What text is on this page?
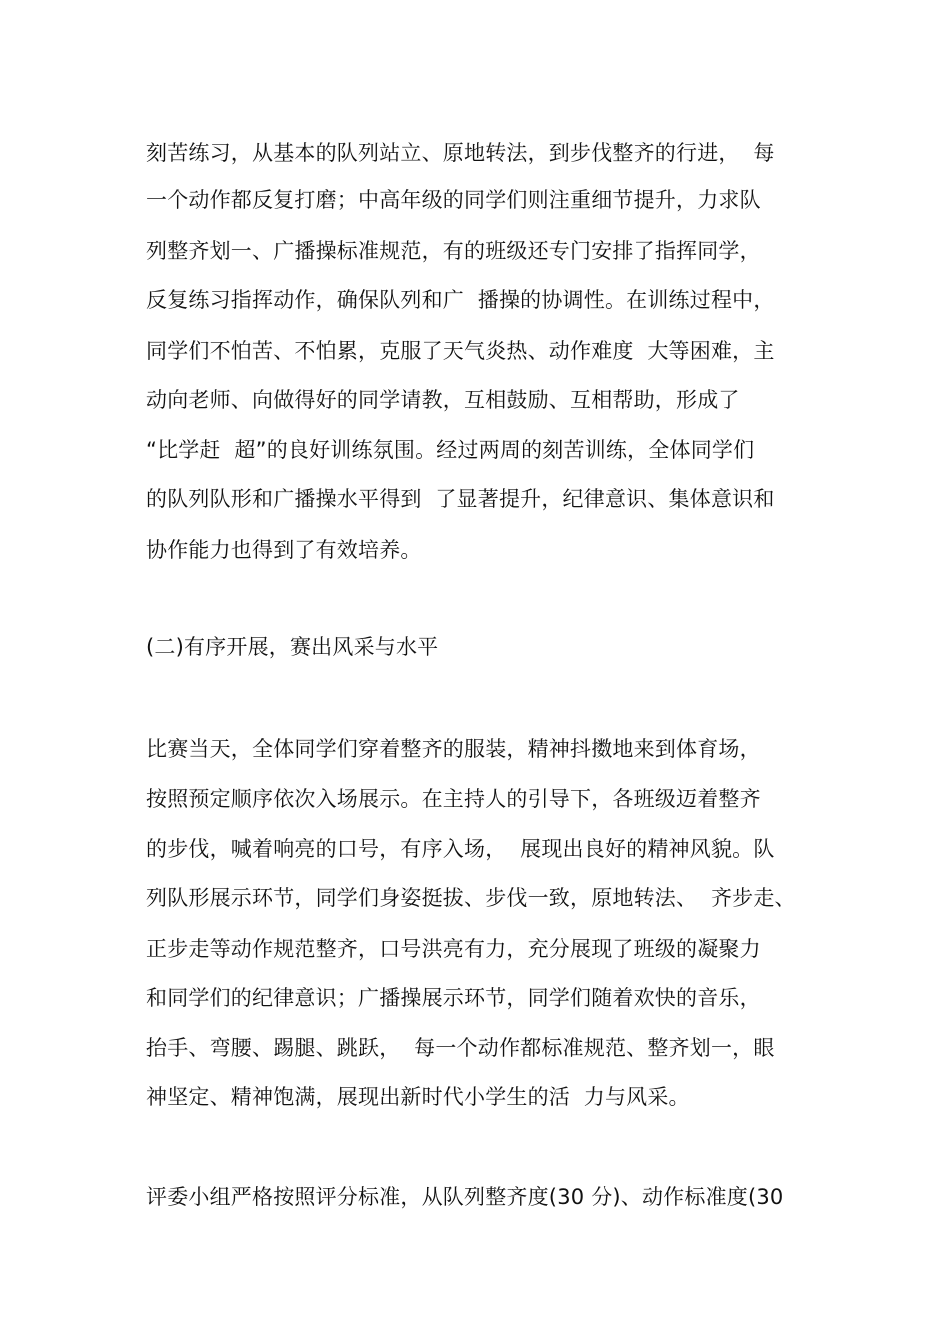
刻苦练习，从基本的队列站立、原地转法，到步伐整齐的行进，  每
一个动作都反复打磨；中高年级的同学们则注重细节提升，力求队
列整齐划一、广播操标准规范，有的班级还专门安排了指挥同学，
反复练习指挥动作，确保队列和广  播操的协调性。在训练过程中，
同学们不怕苦、不怕累，克服了天气炎热、动作难度  大等困难，主
动向老师、向做得好的同学请教，互相鼓励、互相帮助，形成了
“比学赶  超”的良好训练氛围。经过两周的刻苦训练，全体同学们
的队列队形和广播操水平得到  了显著提升，纪律意识、集体意识和
协作能力也得到了有效培养。
(二)有序开展，赛出风采与水平
比赛当天，全体同学们穿着整齐的服装，精神抖擞地来到体育场，
按照预定顺序依次入场展示。在主持人的引导下，各班级迈着整齐
的步伐，喊着响亮的口号，有序入场，  展现出良好的精神风貌。队
列队形展示环节，同学们身姿挺拔、步伐一致，原地转法、  齐步走、
正步走等动作规范整齐，口号洪亮有力，充分展现了班级的凝聚力
和同学们的纪律意识；广播操展示环节，同学们随着欢快的音乐，
抬手、弯腰、踢腿、跳跃，  每一个动作都标准规范、整齐划一，眼
神坚定、精神饱满，展现出新时代小学生的活  力与风采。
评委小组严格按照评分标准，从队列整齐度(30 分)、动作标准度(30
